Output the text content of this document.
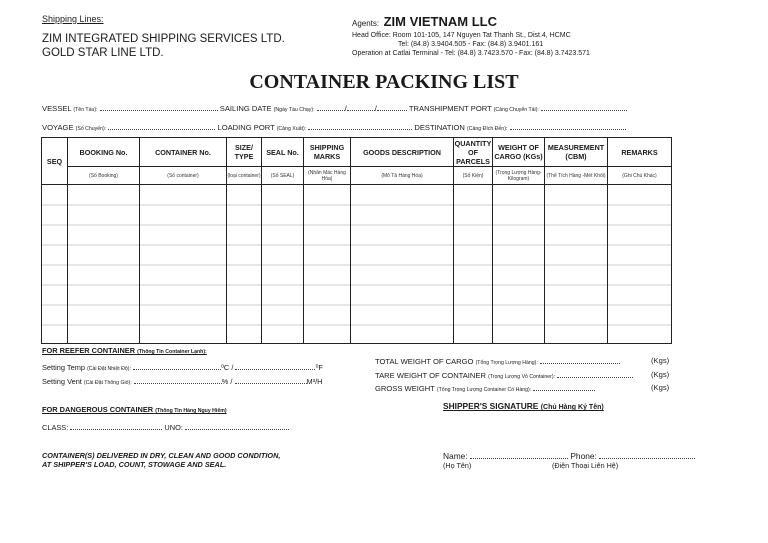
Shipping Lines:
ZIM INTEGRATED SHIPPING SERVICES LTD.
GOLD STAR LINE LTD.
Agents: ZIM VIETNAM LLC
Head Office: Room 101-105, 147 Nguyen Tat Thanh St., Dist.4, HCMC
Tel: (84.8) 3.9404.505 - Fax: (84.8) 3.9401.161
Operation at Catlai Terminal - Tel: (84.8) 3.7423.570 - Fax: (84.8) 3.7423.571
CONTAINER PACKING LIST
VESSEL (Tên Tàu):	SAILING DATE (Ngày Tàu Chạy):	/	/	TRANSHIPMENT PORT (Cảng Chuyển Tải):
VOYAGE (Số Chuyến):	LOADING PORT (Cảng Xuất):	DESTINATION (Cảng Đích Đến):
SEQ	BOOKING No.	CONTAINER No.	SIZE/ TYPE	SEAL No.	SHIPPING MARKS	GOODS DESCRIPTION	QUANTITY OF PARCELS	WEIGHT OF CARGO (KGs)	MEASUREMENT (CBM)	REMARKS
	(Số Booking)	(Số container)	(loại container)	(Số SEAL)	(Nhãn Mác Hàng Hóa)	(Mô Tả Hàng Hóa)	(Số Kiện)	(Trọng Lượng Hàng-Kilogram)	(Thể Tích Hàng -Mét Khối)	(Ghi Chú Khác)

FOR REEFER CONTAINER (Thông Tin Container Lạnh):
Setting Temp (Cài Đặt Nhiệt Độ):	⁰C /	⁰F
Setting Vent (Cài Đặt Thông Gió):	% /	M³/H
FOR DANGEROUS CONTAINER (Thông Tin Hàng Nguy Hiểm)
CLASS:	UNO:
CONTAINER(S) DELIVERED IN DRY, CLEAN AND GOOD CONDITION,
AT SHIPPER'S LOAD, COUNT, STOWAGE AND SEAL.
TOTAL WEIGHT OF CARGO (Tổng Trọng Lượng Hàng):	(Kgs)
TARE WEIGHT OF CONTAINER (Trọng Lượng Vỏ Container):	(Kgs)
GROSS WEIGHT (Tổng Trọng Lượng Container Có Hàng):	(Kgs)
SHIPPER'S SIGNATURE (Chủ Hàng Ký Tên)
Name:	Phone:
(Họ Tên)	(Điện Thoại Liên Hệ)
